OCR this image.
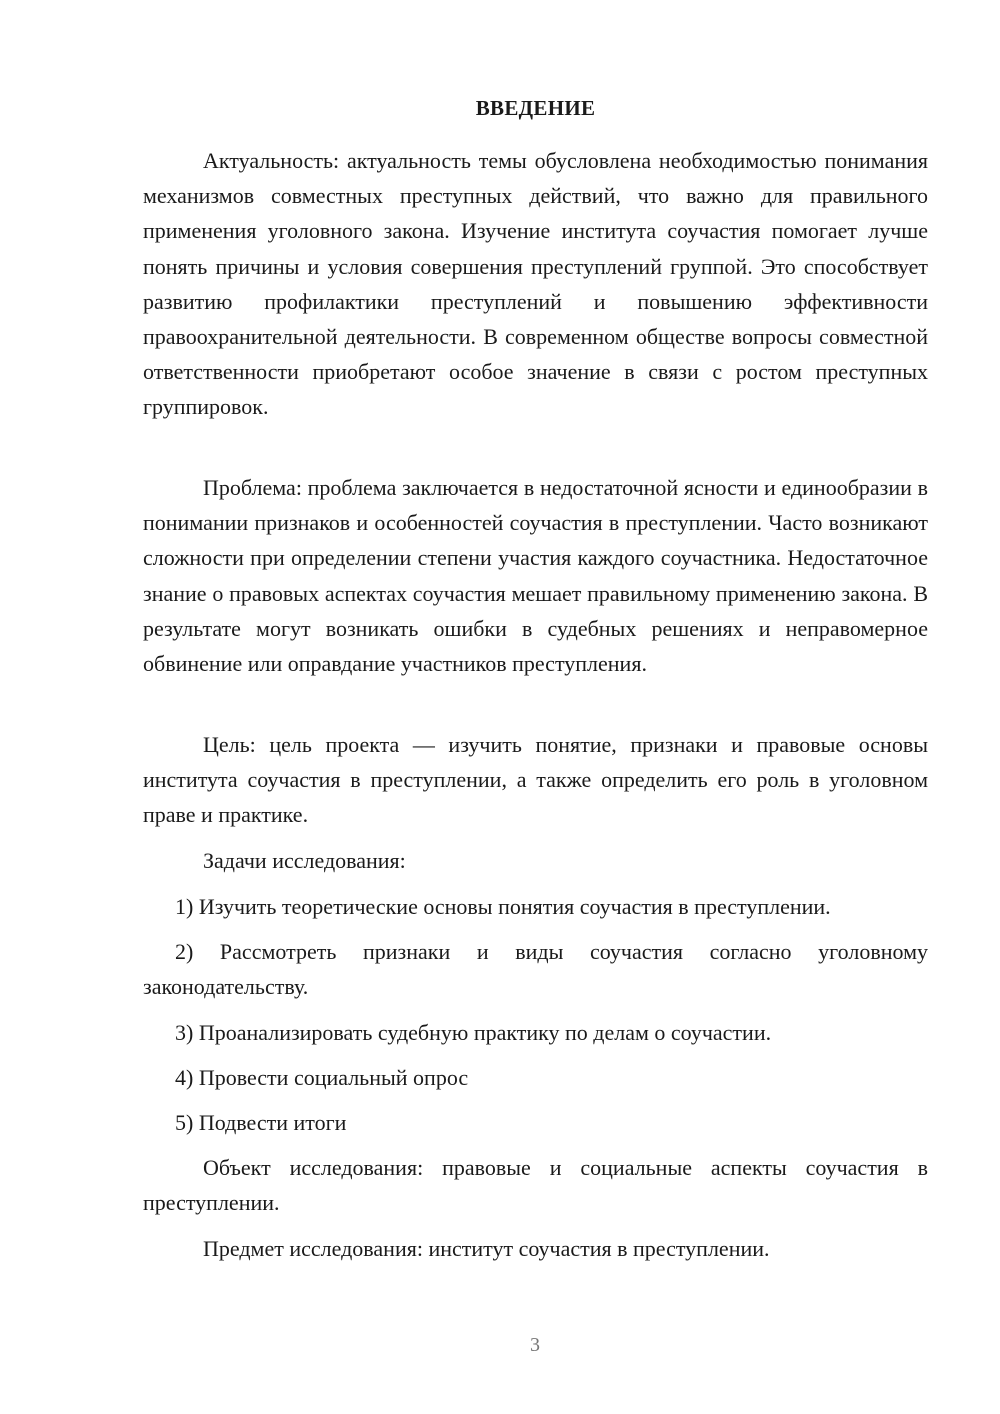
ВВЕДЕНИЕ

Актуальность: актуальность темы обусловлена необходимостью понимания механизмов совместных преступных действий, что важно для правильного применения уголовного закона. Изучение института соучастия помогает лучше понять причины и условия совершения преступлений группой. Это способствует развитию профилактики преступлений и повышению эффективности правоохранительной деятельности. В современном обществе вопросы совместной ответственности приобретают особое значение в связи с ростом преступных группировок.

Проблема: проблема заключается в недостаточной ясности и единообразии в понимании признаков и особенностей соучастия в преступлении. Часто возникают сложности при определении степени участия каждого соучастника. Недостаточное знание о правовых аспектах соучастия мешает правильному применению закона. В результате могут возникать ошибки в судебных решениях и неправомерное обвинение или оправдание участников преступления.

Цель: цель проекта — изучить понятие, признаки и правовые основы института соучастия в преступлении, а также определить его роль в уголовном праве и практике.

Задачи исследования:

1) Изучить теоретические основы понятия соучастия в преступлении.

2) Рассмотреть признаки и виды соучастия согласно уголовному законодательству.

3) Проанализировать судебную практику по делам о соучастии.

4) Провести социальный опрос

5) Подвести итоги

Объект исследования: правовые и социальные аспекты соучастия в преступлении.

Предмет исследования: институт соучастия в преступлении.

3
